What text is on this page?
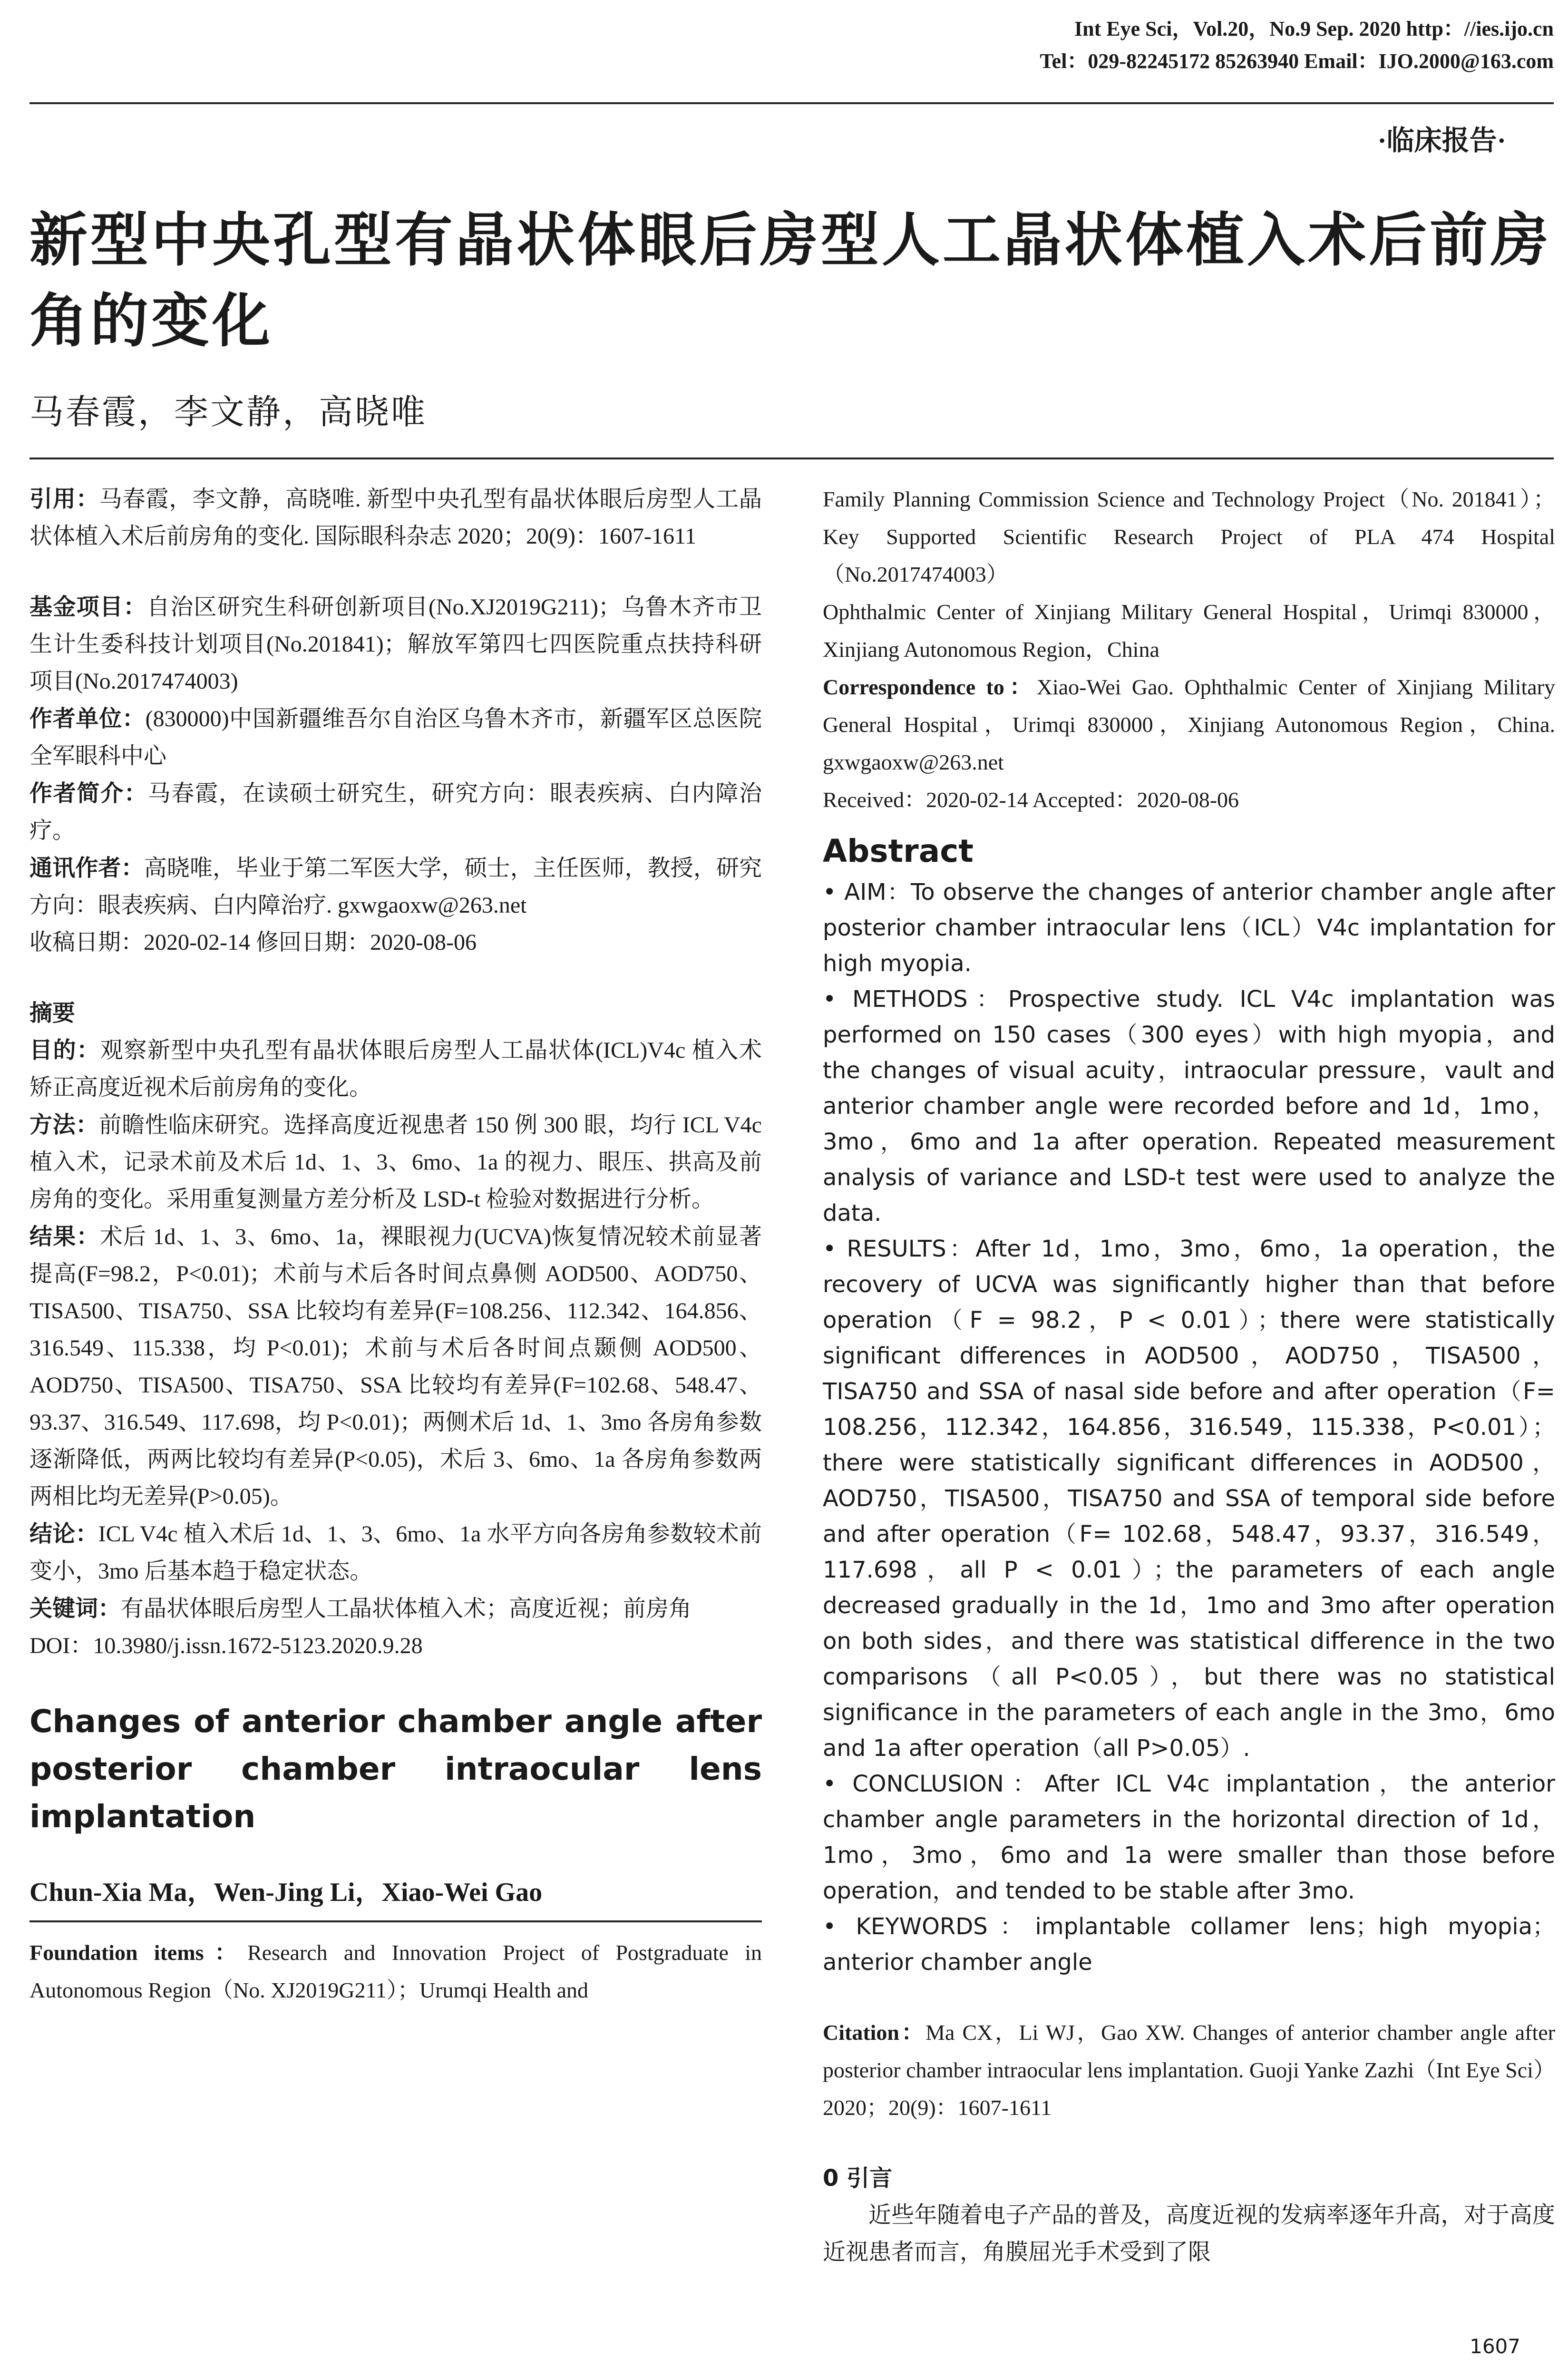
Int Eye Sci，Vol.20，No.9 Sep. 2020 http：//ies.ijo.cn
Tel：029-82245172 85263940 Email：IJO.2000@163.com
·临床报告·
新型中央孔型有晶状体眼后房型人工晶状体植入术后前房角的变化
马春霞，李文静，高晓唯

引用：马春霞，李文静，高晓唯. 新型中央孔型有晶状体眼后房型人工晶状体植入术后前房角的变化. 国际眼科杂志 2020；20(9)：1607-1611

基金项目：自治区研究生科研创新项目(No.XJ2019G211)；乌鲁木齐市卫生计生委科技计划项目(No.201841)；解放军第四七四医院重点扶持科研项目(No.2017474003)

作者单位：(830000)中国新疆维吾尔自治区乌鲁木齐市，新疆军区总医院全军眼科中心

作者简介：马春霞，在读硕士研究生，研究方向：眼表疾病、白内障治疗。

通讯作者：高晓唯，毕业于第二军医大学，硕士，主任医师，教授，研究方向：眼表疾病、白内障治疗. gxwgaoxw@263.net

收稿日期：2020-02-14 修回日期：2020-08-06

摘要

目的：观察新型中央孔型有晶状体眼后房型人工晶状体(ICL)V4c 植入术矫正高度近视术后前房角的变化。

方法：前瞻性临床研究。选择高度近视患者 150 例 300 眼，均行 ICL V4c 植入术，记录术前及术后 1d、1、3、6mo、1a 的视力、眼压、拱高及前房角的变化。采用重复测量方差分析及 LSD-t 检验对数据进行分析。

结果：术后 1d、1、3、6mo、1a，裸眼视力(UCVA)恢复情况较术前显著提高(F=98.2，P<0.01)；术前与术后各时间点鼻侧 AOD500、AOD750、TISA500、TISA750、SSA 比较均有差异(F=108.256、112.342、164.856、316.549、115.338，均 P<0.01)；术前与术后各时间点颞侧 AOD500、AOD750、TISA500、TISA750、SSA 比较均有差异(F=102.68、548.47、93.37、316.549、117.698，均 P<0.01)；两侧术后 1d、1、3mo 各房角参数逐渐降低，两两比较均有差异(P<0.05)，术后 3、6mo、1a 各房角参数两两相比均无差异(P>0.05)。

结论：ICL V4c 植入术后 1d、1、3、6mo、1a 水平方向各房角参数较术前变小，3mo 后基本趋于稳定状态。

关键词：有晶状体眼后房型人工晶状体植入术；高度近视；前房角

DOI：10.3980/j.issn.1672-5123.2020.9.28

Changes of anterior chamber angle after posterior chamber intraocular lens implantation

Chun-Xia Ma，Wen-Jing Li，Xiao-Wei Gao

Foundation items：Research and Innovation Project of Postgraduate in Autonomous Region（No. XJ2019G211）；Urumqi Health and

Family Planning Commission Science and Technology Project（No. 201841）；Key Supported Scientific Research Project of PLA 474 Hospital（No.2017474003）

Ophthalmic Center of Xinjiang Military General Hospital，Urimqi 830000，Xinjiang Autonomous Region，China

Correspondence to：Xiao-Wei Gao. Ophthalmic Center of Xinjiang Military General Hospital，Urimqi 830000，Xinjiang Autonomous Region，China. gxwgaoxw@263.net

Received：2020-02-14 Accepted：2020-08-06

Abstract

• AIM：To observe the changes of anterior chamber angle after posterior chamber intraocular lens（ICL）V4c implantation for high myopia.

• METHODS：Prospective study. ICL V4c implantation was performed on 150 cases（300 eyes）with high myopia，and the changes of visual acuity，intraocular pressure，vault and anterior chamber angle were recorded before and 1d，1mo，3mo，6mo and 1a after operation. Repeated measurement analysis of variance and LSD-t test were used to analyze the data.

• RESULTS：After 1d，1mo，3mo，6mo，1a operation，the recovery of UCVA was significantly higher than that before operation（F = 98.2，P < 0.01）；there were statistically significant differences in AOD500，AOD750，TISA500，TISA750 and SSA of nasal side before and after operation（F= 108.256，112.342，164.856，316.549，115.338，P<0.01）；there were statistically significant differences in AOD500，AOD750，TISA500，TISA750 and SSA of temporal side before and after operation（F= 102.68，548.47，93.37，316.549，117.698，all P < 0.01）；the parameters of each angle decreased gradually in the 1d，1mo and 3mo after operation on both sides，and there was statistical difference in the two comparisons（all P<0.05），but there was no statistical significance in the parameters of each angle in the 3mo，6mo and 1a after operation（all P>0.05）.

• CONCLUSION：After ICL V4c implantation，the anterior chamber angle parameters in the horizontal direction of 1d，1mo，3mo，6mo and 1a were smaller than those before operation，and tended to be stable after 3mo.

• KEYWORDS：implantable collamer lens；high myopia；anterior chamber angle

Citation：Ma CX，Li WJ，Gao XW. Changes of anterior chamber angle after posterior chamber intraocular lens implantation. Guoji Yanke Zazhi（Int Eye Sci）2020；20(9)：1607-1611

0 引言

近些年随着电子产品的普及，高度近视的发病率逐年升高，对于高度近视患者而言，角膜屈光手术受到了限

1607
